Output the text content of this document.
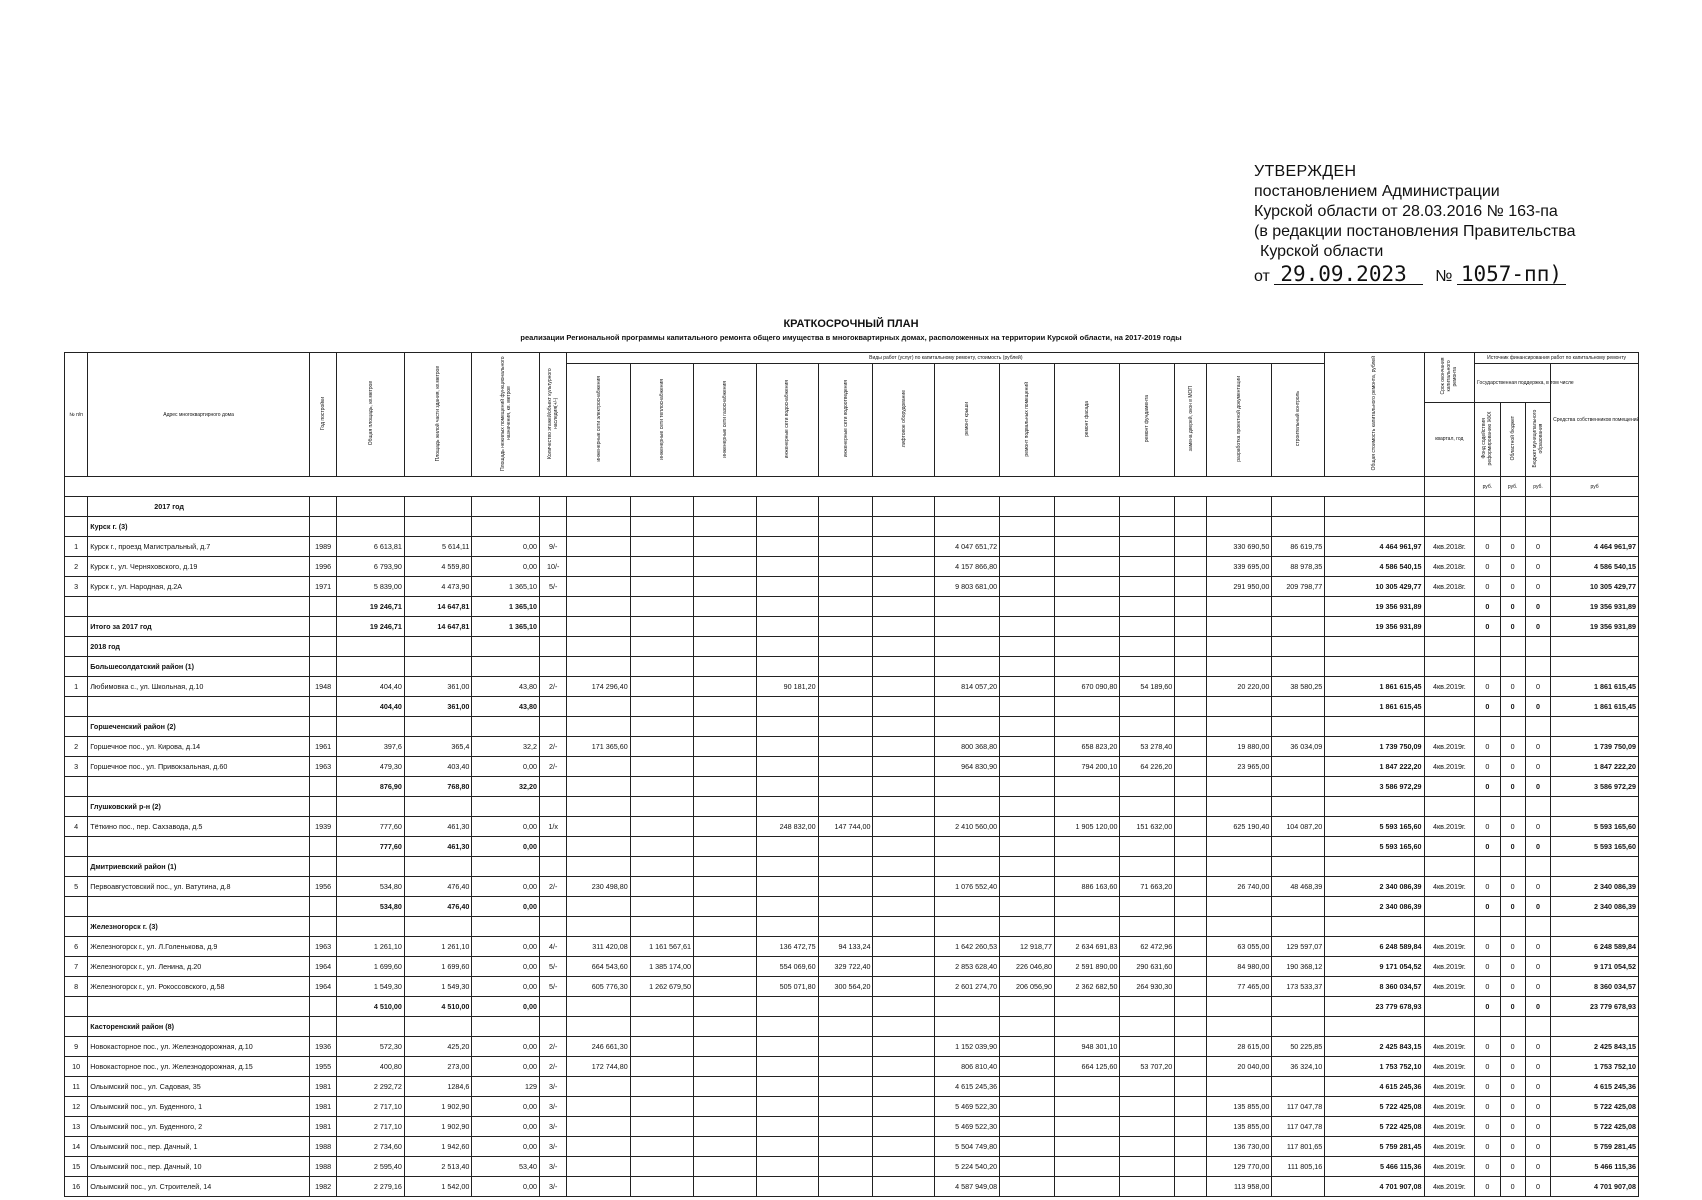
УТВЕРЖДЕН
постановлением Администрации
Курской области от 28.03.2016 № 163-па
(в редакции постановления Правительства
Курской области
от 29.09.2023 № 1057-пп)
КРАТКОСРОЧНЫЙ ПЛАН
реализации Региональной программы капитального ремонта общего имущества в многоквартирных домах, расположенных на территории Курской области, на 2017-2019 годы
№ п/п	Адрес многоквартирного дома	Год постройки	Общая площадь, кв.метров	Площадь жилой части здания, кв.метров	Площадь нежилых помещений функционального назначения, кв. метров	Количество этажей/объект культурного наследия(+/-)	Виды работ (услуг) по капитальному ремонту, стоимость (рублей)													Общая стоимость капитального ремонта, рублей	Срок окончания капитального ремонта	Источник финансирования работ по капитальному ремонту			
							инженерные сети электроснабжения	инженерные сети теплоснабжения	инженерные сети газоснабжения	инженерные сети водоснабжения	инженерные сети водоотведения	лифтовое оборудование	ремонт крыши	ремонт подвальных помещений	ремонт фасада	ремонт фундамента	замена дверей, окон в МОП	разработка проектной документации	строительный контроль			Государственная поддержка, в том числе			Средства собственников помещений
																					квартал, год	Фонд содействия реформированию ЖКХ	Областной бюджет	Бюджет муниципального образования	
																						руб.	руб.	руб.	руб
	2017 год																								
	Курск г. (3)																								
1	Курск г., проезд Магистральный, д.7	1989	6 613,81	5 614,11	0,00	9/-							4 047 651,72					330 690,50	86 619,75	4 464 961,97	4кв.2018г.	0	0	0	4 464 961,97
2	Курск г., ул. Черняховского, д.19	1996	6 793,90	4 559,80	0,00	10/-							4 157 866,80					339 695,00	88 978,35	4 586 540,15	4кв.2018г.	0	0	0	4 586 540,15
3	Курск г., ул. Народная, д.2А	1971	5 839,00	4 473,90	1 365,10	5/-							9 803 681,00					291 950,00	209 798,77	10 305 429,77	4кв.2018г.	0	0	0	10 305 429,77
			19 246,71	14 647,81	1 365,10															19 356 931,89		0	0	0	19 356 931,89
	Итого за 2017 год		19 246,71	14 647,81	1 365,10															19 356 931,89		0	0	0	19 356 931,89
	2018 год																								
	Большесолдатский район (1)																								
1	Любимовка с., ул. Школьная, д.10	1948	404,40	361,00	43,80	2/-	174 296,40			90 181,20			814 057,20		670 090,80	54 189,60		20 220,00	38 580,25	1 861 615,45	4кв.2019г.	0	0	0	1 861 615,45
			404,40	361,00	43,80															1 861 615,45		0	0	0	1 861 615,45
	Горшеченский район (2)																								
2	Горшечное пос., ул. Кирова, д.14	1961	397,6	365,4	32,2	2/-	171 365,60						800 368,80		658 823,20	53 278,40		19 880,00	36 034,09	1 739 750,09	4кв.2019г.	0	0	0	1 739 750,09
3	Горшечное пос., ул. Привокзальная, д.60	1963	479,30	403,40	0,00	2/-							964 830,90		794 200,10	64 226,20		23 965,00		1 847 222,20	4кв.2019г.	0	0	0	1 847 222,20
			876,90	768,80	32,20															3 586 972,29		0	0	0	3 586 972,29
	Глушковский р-н (2)																								
4	Тёткино пос., пер. Сахзавода, д.5	1939	777,60	461,30	0,00	1/x				248 832,00	147 744,00		2 410 560,00		1 905 120,00	151 632,00		625 190,40	104 087,20	5 593 165,60	4кв.2019г.	0	0	0	5 593 165,60
			777,60	461,30	0,00															5 593 165,60		0	0	0	5 593 165,60
	Дмитриевский район (1)																								
5	Первоавгустовский пос., ул. Ватутина, д.8	1956	534,80	476,40	0,00	2/-	230 498,80						1 076 552,40		886 163,60	71 663,20		26 740,00	48 468,39	2 340 086,39	4кв.2019г.	0	0	0	2 340 086,39
			534,80	476,40	0,00															2 340 086,39		0	0	0	2 340 086,39
	Железногорск г. (3)																								
6	Железногорск г., ул. Л.Голенькова, д.9	1963	1 261,10	1 261,10	0,00	4/-	311 420,08	1 161 567,61		136 472,75	94 133,24		1 642 260,53	12 918,77	2 634 691,83	62 472,96		63 055,00	129 597,07	6 248 589,84	4кв.2019г.	0	0	0	6 248 589,84
7	Железногорск г., ул. Ленина, д.20	1964	1 699,60	1 699,60	0,00	5/-	664 543,60	1 385 174,00		554 069,60	329 722,40		2 853 628,40	226 046,80	2 591 890,00	290 631,60		84 980,00	190 368,12	9 171 054,52	4кв.2019г.	0	0	0	9 171 054,52
8	Железногорск г., ул. Рокоссовского, д.58	1964	1 549,30	1 549,30	0,00	5/-	605 776,30	1 262 679,50		505 071,80	300 564,20		2 601 274,70	206 056,90	2 362 682,50	264 930,30		77 465,00	173 533,37	8 360 034,57	4кв.2019г.	0	0	0	8 360 034,57
			4 510,00	4 510,00	0,00															23 779 678,93		0	0	0	23 779 678,93
	Касторенский район (8)																								
9	Новокасторное пос., ул. Железнодорожная, д.10	1936	572,30	425,20	0,00	2/-	246 661,30						1 152 039,90		948 301,10			28 615,00	50 225,85	2 425 843,15	4кв.2019г.	0	0	0	2 425 843,15
10	Новокасторное пос., ул. Железнодорожная, д.15	1955	400,80	273,00	0,00	2/-	172 744,80						806 810,40		664 125,60	53 707,20		20 040,00	36 324,10	1 753 752,10	4кв.2019г.	0	0	0	1 753 752,10
11	Ольымский пос., ул. Садовая, 35	1981	2 292,72	1284,6	129	3/-							4 615 245,36							4 615 245,36	4кв.2019г.	0	0	0	4 615 245,36
12	Ольымский пос., ул. Буденного, 1	1981	2 717,10	1 902,90	0,00	3/-							5 469 522,30					135 855,00	117 047,78	5 722 425,08	4кв.2019г.	0	0	0	5 722 425,08
13	Ольымский пос., ул. Буденного, 2	1981	2 717,10	1 902,90	0,00	3/-							5 469 522,30					135 855,00	117 047,78	5 722 425,08	4кв.2019г.	0	0	0	5 722 425,08
14	Ольымский пос., пер. Дачный, 1	1988	2 734,60	1 942,60	0,00	3/-							5 504 749,80					136 730,00	117 801,65	5 759 281,45	4кв.2019г.	0	0	0	5 759 281,45
15	Ольымский пос., пер. Дачный, 10	1988	2 595,40	2 513,40	53,40	3/-							5 224 540,20					129 770,00	111 805,16	5 466 115,36	4кв.2019г.	0	0	0	5 466 115,36
16	Ольымский пос., ул. Строителей, 14	1982	2 279,16	1 542,00	0,00	3/-							4 587 949,08					113 958,00		4 701 907,08	4кв.2019г.	0	0	0	4 701 907,08
